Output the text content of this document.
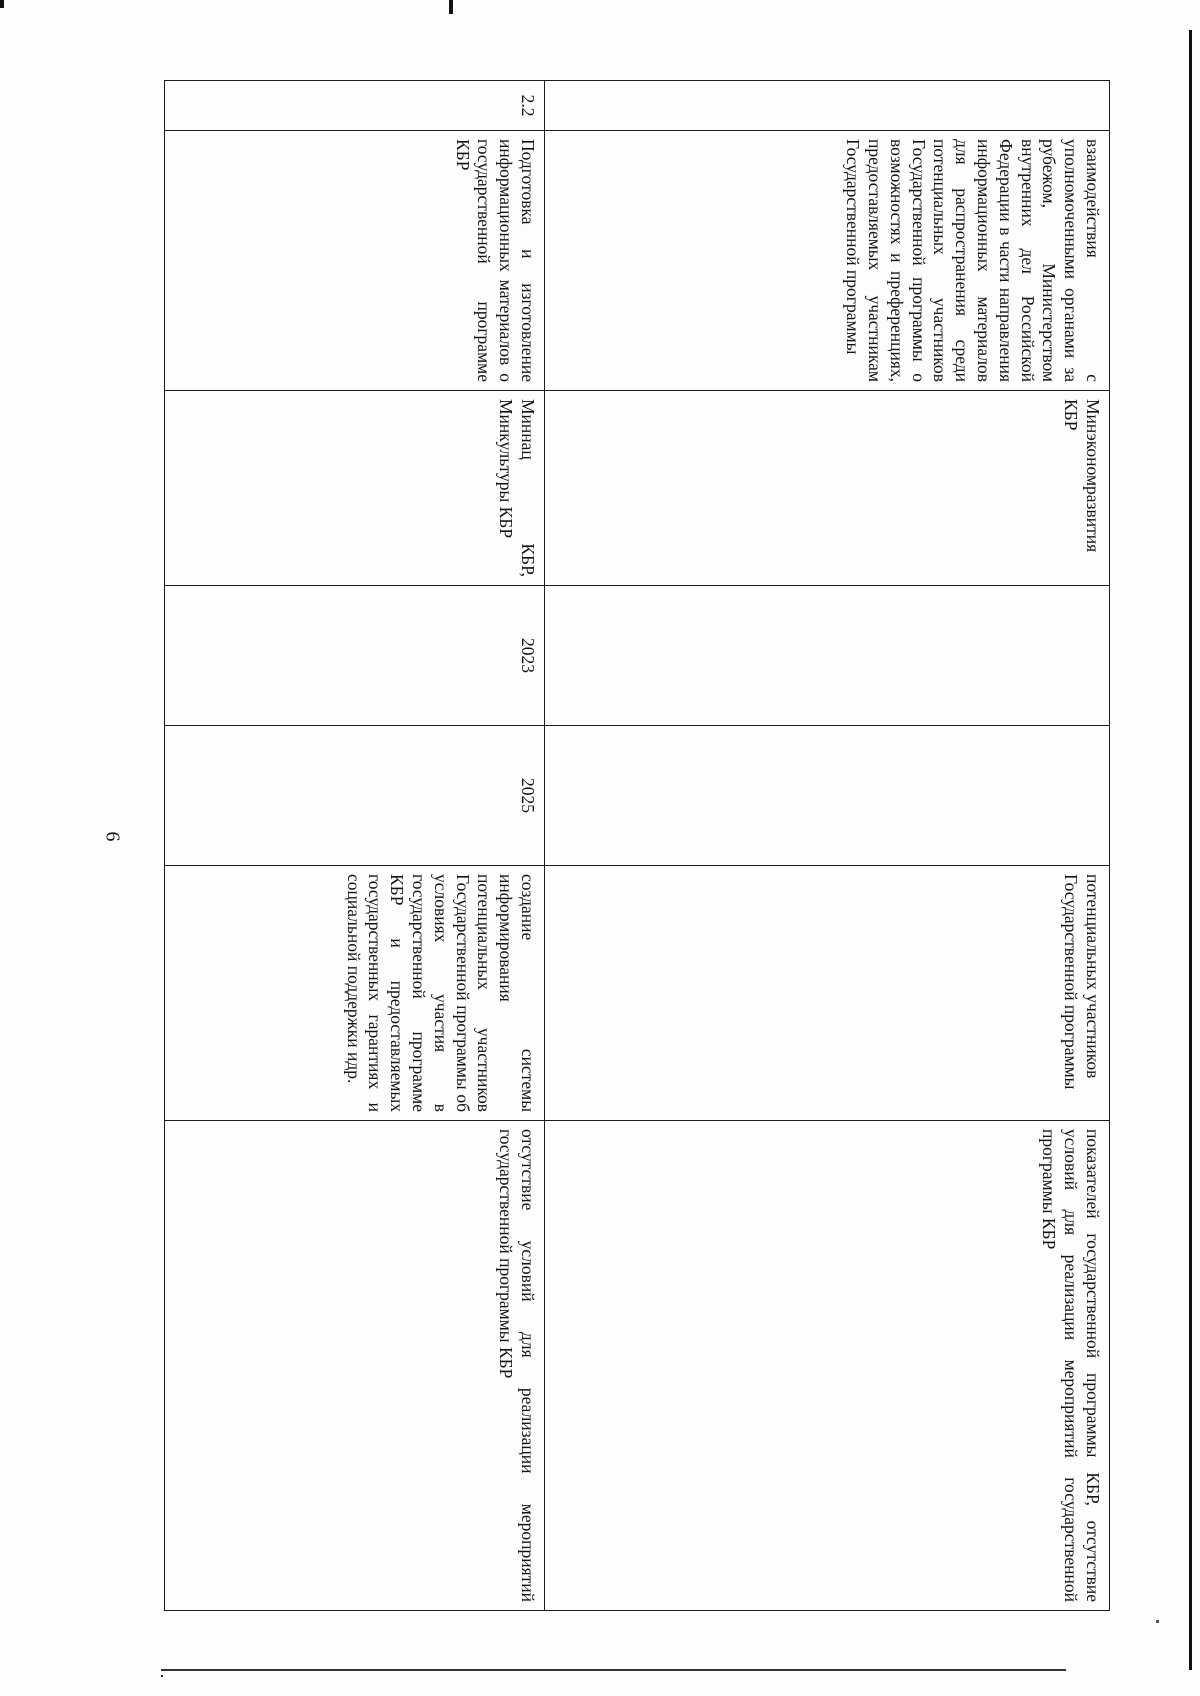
6
	взаимодействия с уполномоченными органами за рубежом, Министерством внутренних дел Российской Федерации в части направления информационных материалов для распространения среди потенциальных участников Государственной программы о возможностях и преференциях, предоставляемых участникам Государственной программы	Минэкономразвития КБР			потенциальных участников Государственной программы	показателей государственной программы КБР, отсутствие условий для реализации мероприятий государственной программы КБР
2.2	Подготовка и изготовление информационных материалов о государственной программе КБР	Миннац КБР, Минкультуры КБР	2023	2025	создание системы информирования потенциальных участников Государственной программы об условиях участия в государственной программе КБР и предоставляемых государственных гарантиях и социальной поддержки идр.	отсутствие условий для реализации мероприятий государственной программы КБР
